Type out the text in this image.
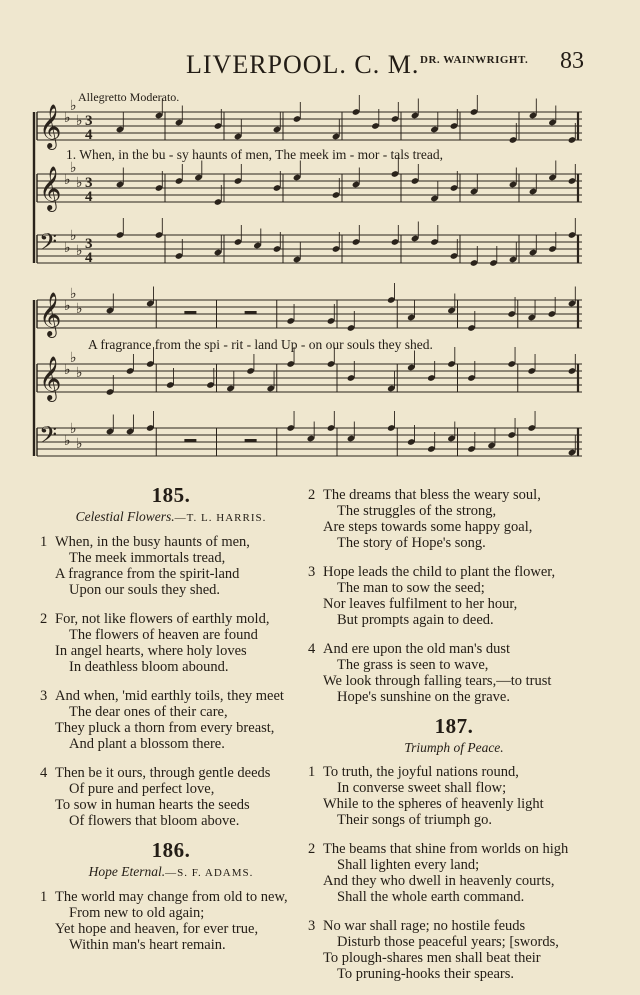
LIVERPOOL. C. M. DR. WAINWRIGHT. 83
Allegretto Moderato.
𝄞 ♭
♭
♭ 3
4
𝄞 ♭
♭
♭ 3
4
𝄢 ♭
♭
♭ 3
4
𝄞 ♭
♭
♭
𝄞 ♭
♭
♭
𝄢 ♭
♭
♭
1. When, in the bu - sy haunts of men, The meek im - mor - tals tread,
A fragrance from the spi - rit - land Up - on our souls they shed.
185.
Celestial Flowers.—T. L. HARRIS.
1 When, in the busy haunts of men,
The meek immortals tread,
A fragrance from the spirit-land
Upon our souls they shed.
2 For, not like flowers of earthly mold,
The flowers of heaven are found
In angel hearts, where holy loves
In deathless bloom abound.
3 And when, 'mid earthly toils, they meet
The dear ones of their care,
They pluck a thorn from every breast,
And plant a blossom there.
4 Then be it ours, through gentle deeds
Of pure and perfect love,
To sow in human hearts the seeds
Of flowers that bloom above.
186.
Hope Eternal.—S. F. ADAMS.
1 The world may change from old to new,
From new to old again;
Yet hope and heaven, for ever true,
Within man's heart remain.
2 The dreams that bless the weary soul,
The struggles of the strong,
Are steps towards some happy goal,
The story of Hope's song.
3 Hope leads the child to plant the flower,
The man to sow the seed;
Nor leaves fulfilment to her hour,
But prompts again to deed.
4 And ere upon the old man's dust
The grass is seen to wave,
We look through falling tears,—to trust
Hope's sunshine on the grave.
187.
Triumph of Peace.
1 To truth, the joyful nations round,
In converse sweet shall flow;
While to the spheres of heavenly light
Their songs of triumph go.
2 The beams that shine from worlds on high
Shall lighten every land;
And they who dwell in heavenly courts,
Shall the whole earth command.
3 No war shall rage; no hostile feuds
Disturb those peaceful years; [swords,
To plough-shares men shall beat their
To pruning-hooks their spears.
